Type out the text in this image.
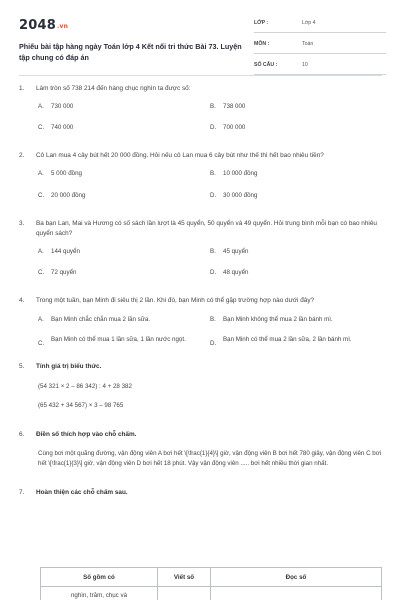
2048.vn
Phiếu bài tập hàng ngày Toán lớp 4 Kết nối tri thức Bài 73. Luyện tập chung có đáp án
LỚP :	Lớp 4
MÔN :	Toán
SỐ CÂU :	10
1. Làm tròn số 738 214 đến hàng chục nghìn ta được số:
A. 730 000	B. 738 000
C. 740 000	D. 700 000
2. Cô Lan mua 4 cây bút hết 20 000 đồng. Hỏi nếu cô Lan mua 6 cây bút như thế thì hết bao nhiêu tiền?
A. 5 000 đồng	B. 10 000 đồng
C. 20 000 đồng	D. 30 000 đồng
3. Ba bạn Lan, Mai và Hương có số sách lần lượt là 45 quyển, 50 quyển và 49 quyển. Hỏi trung bình mỗi bạn có bao nhiêu quyển sách?
A. 144 quyển	B. 45 quyển
C. 72 quyển	D. 48 quyển
4. Trong một tuần, bạn Minh đi siêu thị 2 lần. Khi đó, bạn Minh có thể gặp trường hợp nào dưới đây?
A. Bạn Minh chắc chắn mua 2 lần sữa.	B. Bạn Minh không thể mua 2 lần bánh mì.
C.
Bạn Minh có thể mua 1 lần sữa, 1 lần nước ngọt.
D.
Bạn Minh có thể mua 2 lần sữa, 2 lần bánh mì.
5. Tính giá trị biểu thức.
(54 321 × 2 – 86 342) : 4 + 28 382
(65 432 + 34 567) × 3 – 98 765
6. Điền số thích hợp vào chỗ chấm.
Cùng bơi một quãng đường, vận động viên A bơi hết \[\frac{1}{4}\] giờ, vận động viên B bơi hết 780 giây, vận động viên C bơi hết \[\frac{1}{3}\] giờ, vận động viên D bơi hết 18 phút. Vậy vận động viên ..... bơi hết nhiều thời gian nhất.
7. Hoàn thiện các chỗ chấm sau.
Số gồm có	Viết số	Đọc số
nghìn, trăm, chục và		
